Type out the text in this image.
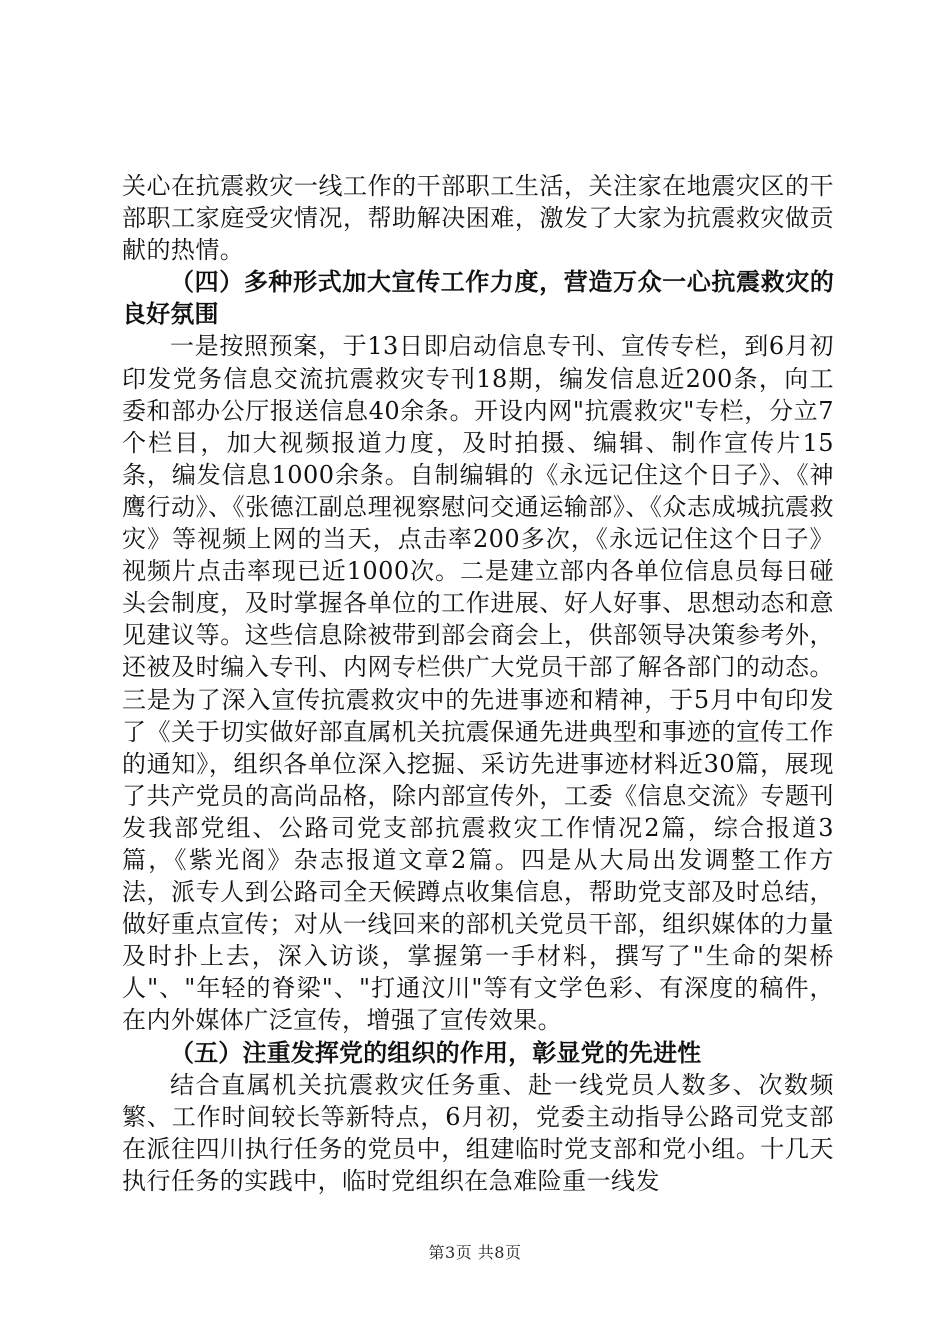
关心在抗震救灾一线工作的干部职工生活，关注家在地震灾区的干部职工家庭受灾情况，帮助解决困难，激发了大家为抗震救灾做贡献的热情。

（四）多种形式加大宣传工作力度，营造万众一心抗震救灾的良好氛围

一是按照预案，于13日即启动信息专刊、宣传专栏，到6月初印发党务信息交流抗震救灾专刊18期，编发信息近200条，向工委和部办公厅报送信息40余条。开设内网"抗震救灾"专栏，分立7个栏目，加大视频报道力度，及时拍摄、编辑、制作宣传片15条，编发信息1000余条。自制编辑的《永远记住这个日子》、《神鹰行动》、《张德江副总理视察慰问交通运输部》、《众志成城抗震救灾》等视频上网的当天，点击率200多次，《永远记住这个日子》视频片点击率现已近1000次。二是建立部内各单位信息员每日碰头会制度，及时掌握各单位的工作进展、好人好事、思想动态和意见建议等。这些信息除被带到部会商会上，供部领导决策参考外，还被及时编入专刊、内网专栏供广大党员干部了解各部门的动态。三是为了深入宣传抗震救灾中的先进事迹和精神，于5月中旬印发了《关于切实做好部直属机关抗震保通先进典型和事迹的宣传工作的通知》，组织各单位深入挖掘、采访先进事迹材料近30篇，展现了共产党员的高尚品格，除内部宣传外，工委《信息交流》专题刊发我部党组、公路司党支部抗震救灾工作情况2篇，综合报道3篇，《紫光阁》杂志报道文章2篇。四是从大局出发调整工作方法，派专人到公路司全天候蹲点收集信息，帮助党支部及时总结，做好重点宣传；对从一线回来的部机关党员干部，组织媒体的力量及时扑上去，深入访谈，掌握第一手材料，撰写了"生命的架桥人"、"年轻的脊梁"、"打通汶川"等有文学色彩、有深度的稿件，在内外媒体广泛宣传，增强了宣传效果。

（五）注重发挥党的组织的作用，彰显党的先进性

结合直属机关抗震救灾任务重、赴一线党员人数多、次数频繁、工作时间较长等新特点，6月初，党委主动指导公路司党支部在派往四川执行任务的党员中，组建临时党支部和党小组。十几天执行任务的实践中，临时党组织在急难险重一线发

第3页 共8页
